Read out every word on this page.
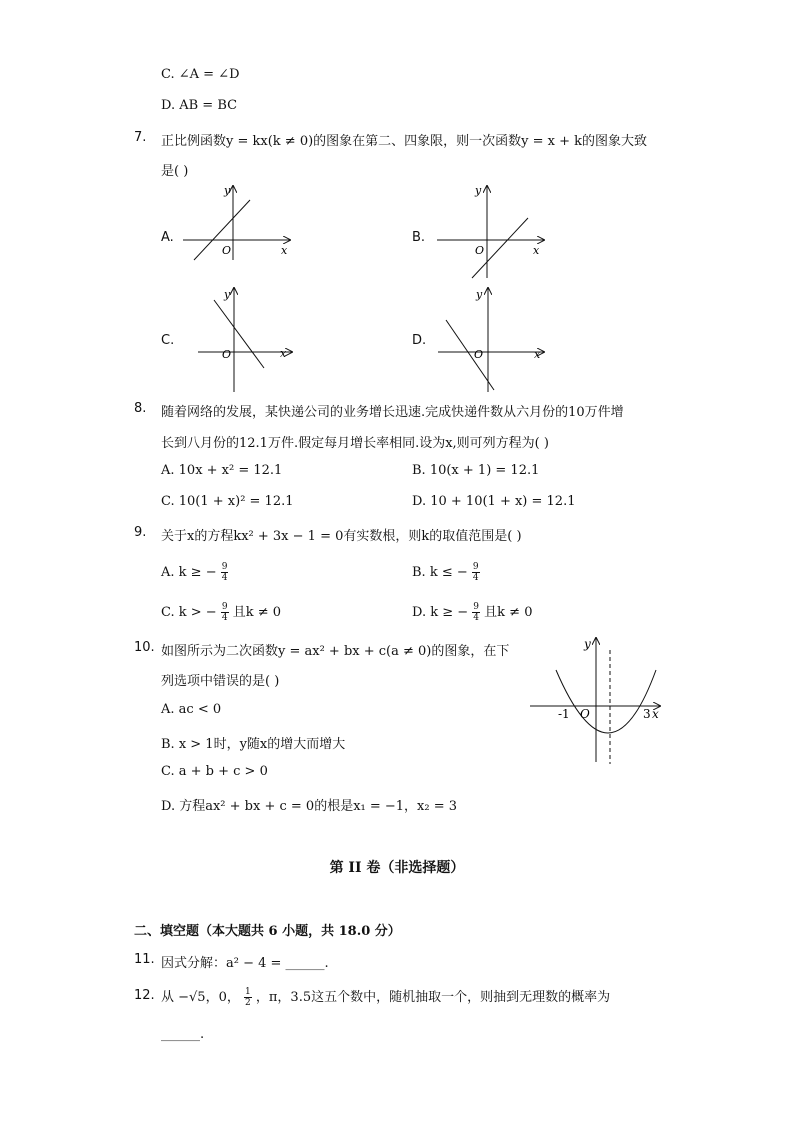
C. ∠A = ∠D
D. AB = BC
7. 正比例函数y = kx(k ≠ 0)的图象在第二、四象限，则一次函数y = x + k的图象大致
是( )
A.	B.
C.	D.
y
O	x
y
O	x
y
O	x
y
O	x
8. 随着网络的发展，某快递公司的业务增长迅速.完成快递件数从六月份的10万件增
长到八月份的12.1万件.假定每月增长率相同.设为x,则可列方程为( )
A. 10x + x² = 12.1	B. 10(x + 1) = 12.1
C. 10(1 + x)² = 12.1	D. 10 + 10(1 + x) = 12.1
9. 关于x的方程kx² + 3x − 1 = 0有实数根，则k的取值范围是( )
A. k ≥ − $\frac{9}{4}$	B. k ≤ − $\frac{9}{4}$
C. k > − $\frac{9}{4}$ 且k ≠ 0	D. k ≥ − $\frac{9}{4}$ 且k ≠ 0
10. 如图所示为二次函数y = ax² + bx + c(a ≠ 0)的图象，在下
列选项中错误的是( )
A. ac < 0
B. x > 1时，y随x的增大而增大
C. a + b + c > 0
D. 方程ax² + bx + c = 0的根是x₁ = −1，x₂ = 3
y
-1 O	3 x
第 II 卷（非选择题）
二、填空题（本大题共 6 小题，共 18.0 分）
11. 因式分解：a² − 4 = ______.
12. 从 −√5，0， $\frac{1}{2}$ ，π，3.5这五个数中，随机抽取一个，则抽到无理数的概率为
______.
